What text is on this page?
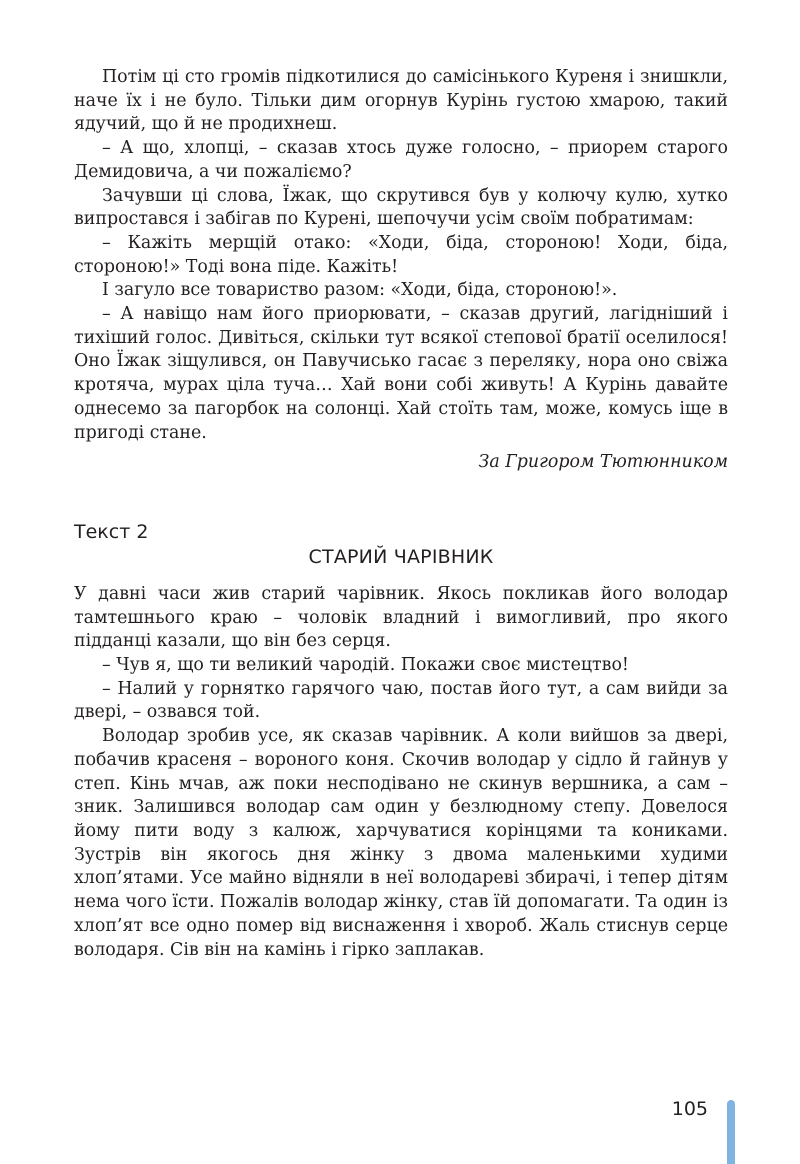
Потім ці сто громів підкотилися до самісінького Куреня і знишкли, наче їх і не було. Тільки дим огорнув Курінь густою хмарою, такий ядучий, що й не продихнеш.

– А що, хлопці, – сказав хтось дуже голосно, – приорем старого Демидовича, а чи пожаліємо?

Зачувши ці слова, Їжак, що скрутився був у колючу кулю, хутко випростався і забігав по Курені, шепочучи усім своїм побратимам:

– Кажіть мерщій отако: «Ходи, біда, стороною! Ходи, біда, стороною!» Тоді вона піде. Кажіть!

І загуло все товариство разом: «Ходи, біда, стороною!».

– А навіщо нам його приорювати, – сказав другий, лагідніший і тихіший голос. Дивіться, скільки тут всякої степової братії оселилося! Оно Їжак зіщулився, он Павучисько гасає з переляку, нора оно свіжа кротяча, мурах ціла туча… Хай вони собі живуть! А Курінь давайте однесемо за пагорбок на солонці. Хай стоїть там, може, комусь іще в пригоді стане.

За Григором Тютюнником

Текст 2
СТАРИЙ ЧАРІВНИК

У давні часи жив старий чарівник. Якось покликав його володар тамтешнього краю – чоловік владний і вимогливий, про якого підданці казали, що він без серця.

– Чув я, що ти великий чародій. Покажи своє мистецтво!

– Налий у горнятко гарячого чаю, постав його тут, а сам вийди за двері, – озвався той.

Володар зробив усе, як сказав чарівник. А коли вийшов за двері, побачив красеня – вороного коня. Скочив володар у сідло й гайнув у степ. Кінь мчав, аж поки несподівано не скинув вершника, а сам – зник. Залишився володар сам один у безлюдному степу. Довелося йому пити воду з калюж, харчуватися корінцями та кониками. Зустрів він якогось дня жінку з двома маленькими худими хлоп’ятами. Усе майно відняли в неї володареві збирачі, і тепер дітям нема чого їсти. Пожалів володар жінку, став їй допомагати. Та один із хлоп’ят все одно помер від виснаження і хвороб. Жаль стиснув серце володаря. Сів він на камінь і гірко заплакав.

105
